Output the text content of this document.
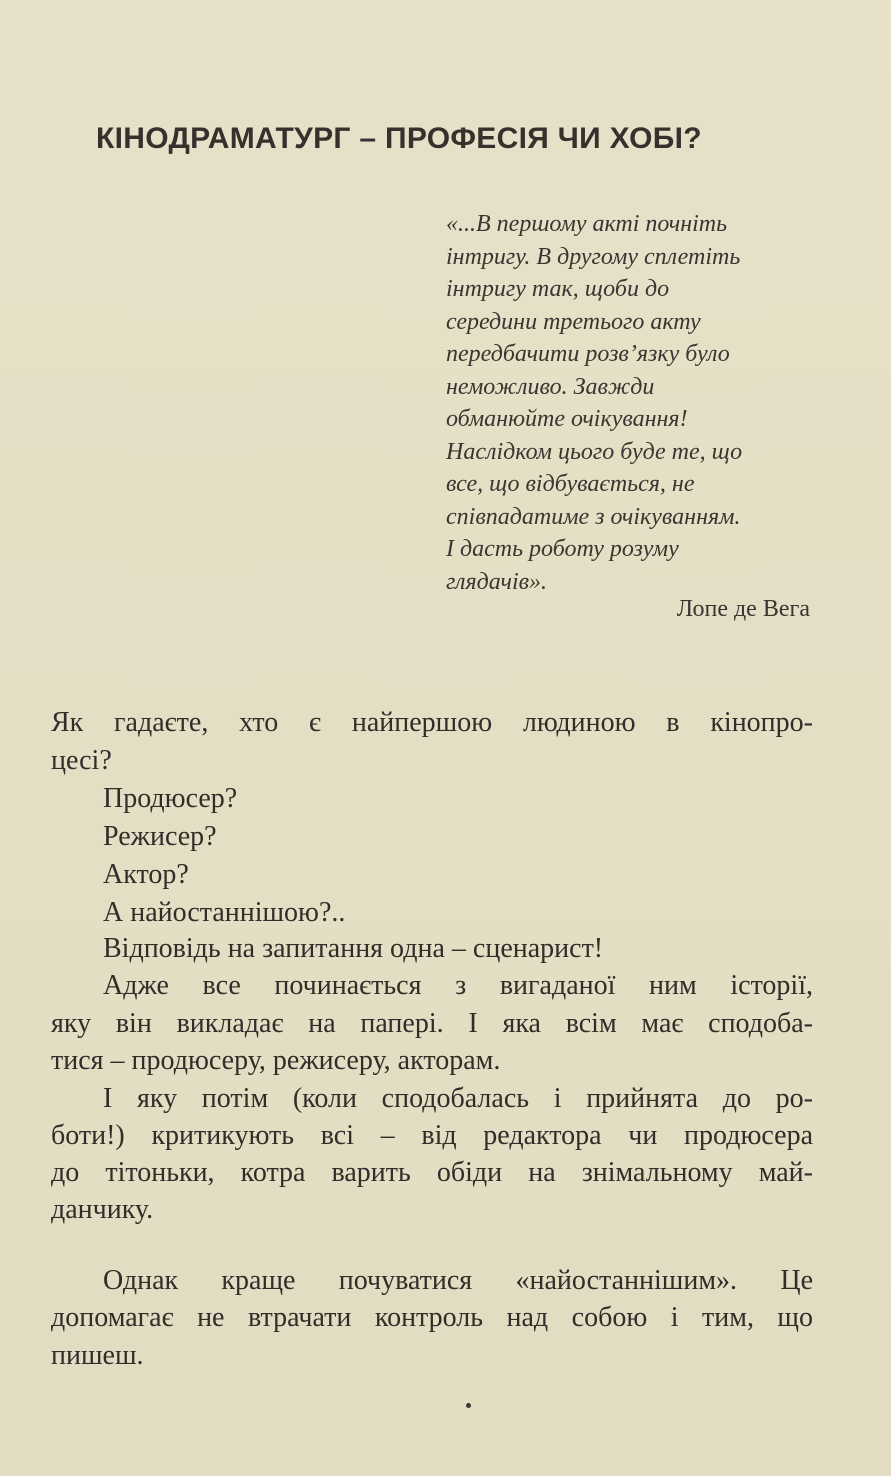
КІНОДРАМАТУРГ – ПРОФЕСІЯ ЧИ ХОБІ?
«...В першому акті почніть
інтригу. В другому сплетіть
інтригу так, щоби до
середини третього акту
передбачити розв’язку було
неможливо. Завжди
обманюйте очікування!
Наслідком цього буде те, що
все, що відбувається, не
співпадатиме з очікуванням.
І дасть роботу розуму
глядачів».
Лопе де Вега
Як гадаєте, хто є найпершою людиною в кінопро-
цесі?
Продюсер?
Режисер?
Актор?
А найостаннішою?..
Відповідь на запитання одна – сценарист!
Адже все починається з вигаданої ним історії,
яку він викладає на папері. І яка всім має сподоба-
тися – продюсеру, режисеру, акторам.
І яку потім (коли сподобалась і прийнята до ро-
боти!) критикують всі – від редактора чи продюсера
до тітоньки, котра варить обіди на знімальному май-
данчику.
Однак краще почуватися «найостаннішим». Це
допомагає не втрачати контроль над собою і тим, що
пишеш.
